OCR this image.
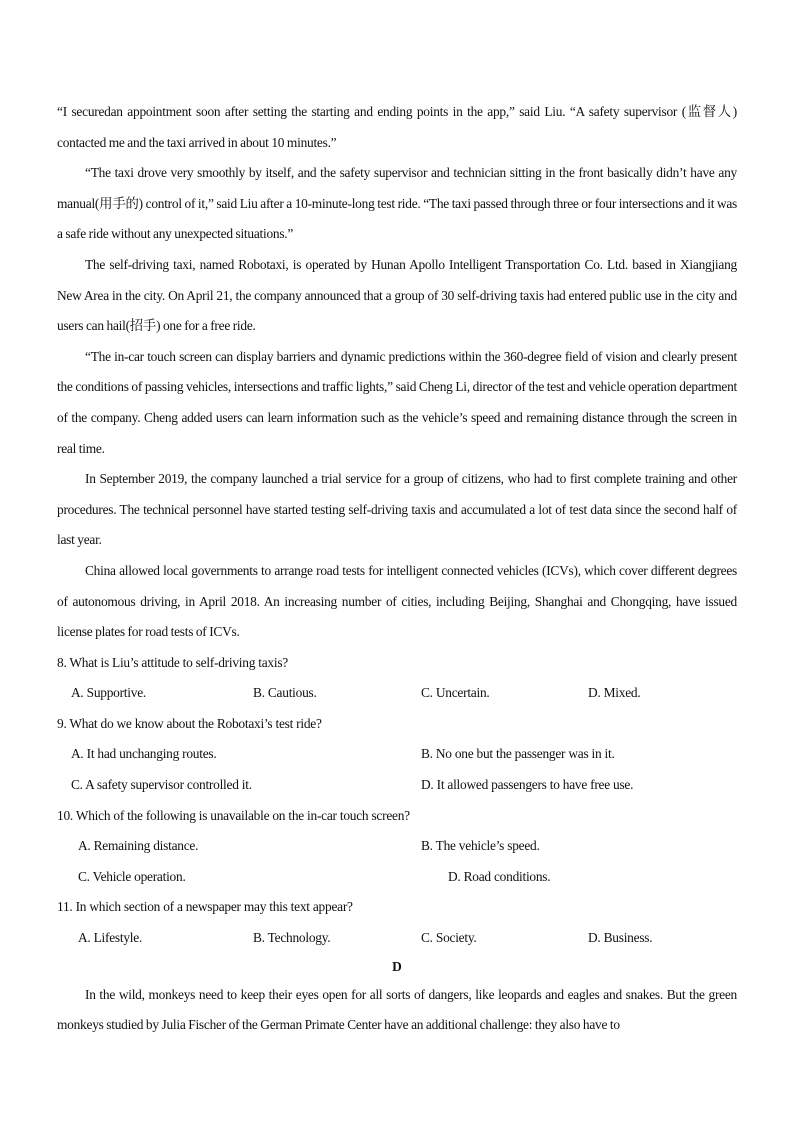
“I securedan appointment soon after setting the starting and ending points in the app,” said Liu. “A safety supervisor (监督人) contacted me and the taxi arrived in about 10 minutes.”

“The taxi drove very smoothly by itself, and the safety supervisor and technician sitting in the front basically didn’t have any manual(用手的) control of it,” said Liu after a 10-minute-long test ride. “The taxi passed through three or four intersections and it was a safe ride without any unexpected situations.”

The self-driving taxi, named Robotaxi, is operated by Hunan Apollo Intelligent Transportation Co. Ltd. based in Xiangjiang New Area in the city. On April 21, the company announced that a group of 30 self-driving taxis had entered public use in the city and users can hail(招手) one for a free ride.

“The in-car touch screen can display barriers and dynamic predictions within the 360-degree field of vision and clearly present the conditions of passing vehicles, intersections and traffic lights,” said Cheng Li, director of the test and vehicle operation department of the company. Cheng added users can learn information such as the vehicle’s speed and remaining distance through the screen in real time.

In September 2019, the company launched a trial service for a group of citizens, who had to first complete training and other procedures. The technical personnel have started testing self-driving taxis and accumulated a lot of test data since the second half of last year.

China allowed local governments to arrange road tests for intelligent connected vehicles (ICVs), which cover different degrees of autonomous driving, in April 2018. An increasing number of cities, including Beijing, Shanghai and Chongqing, have issued license plates for road tests of ICVs.

8. What is Liu’s attitude to self-driving taxis?

A. Supportive.	B. Cautious.	C. Uncertain.	D. Mixed.

9. What do we know about the Robotaxi’s test ride?

A. It had unchanging routes.	B. No one but the passenger was in it.
C. A safety supervisor controlled it.	D. It allowed passengers to have free use.

10. Which of the following is unavailable on the in-car touch screen?

A. Remaining distance.	B. The vehicle’s speed.
C. Vehicle operation.	D. Road conditions.

11. In which section of a newspaper may this text appear?

A. Lifestyle.	B. Technology.	C. Society.	D. Business.

D

In the wild, monkeys need to keep their eyes open for all sorts of dangers, like leopards and eagles and snakes. But the green monkeys studied by Julia Fischer of the German Primate Center have an additional challenge: they also have to
